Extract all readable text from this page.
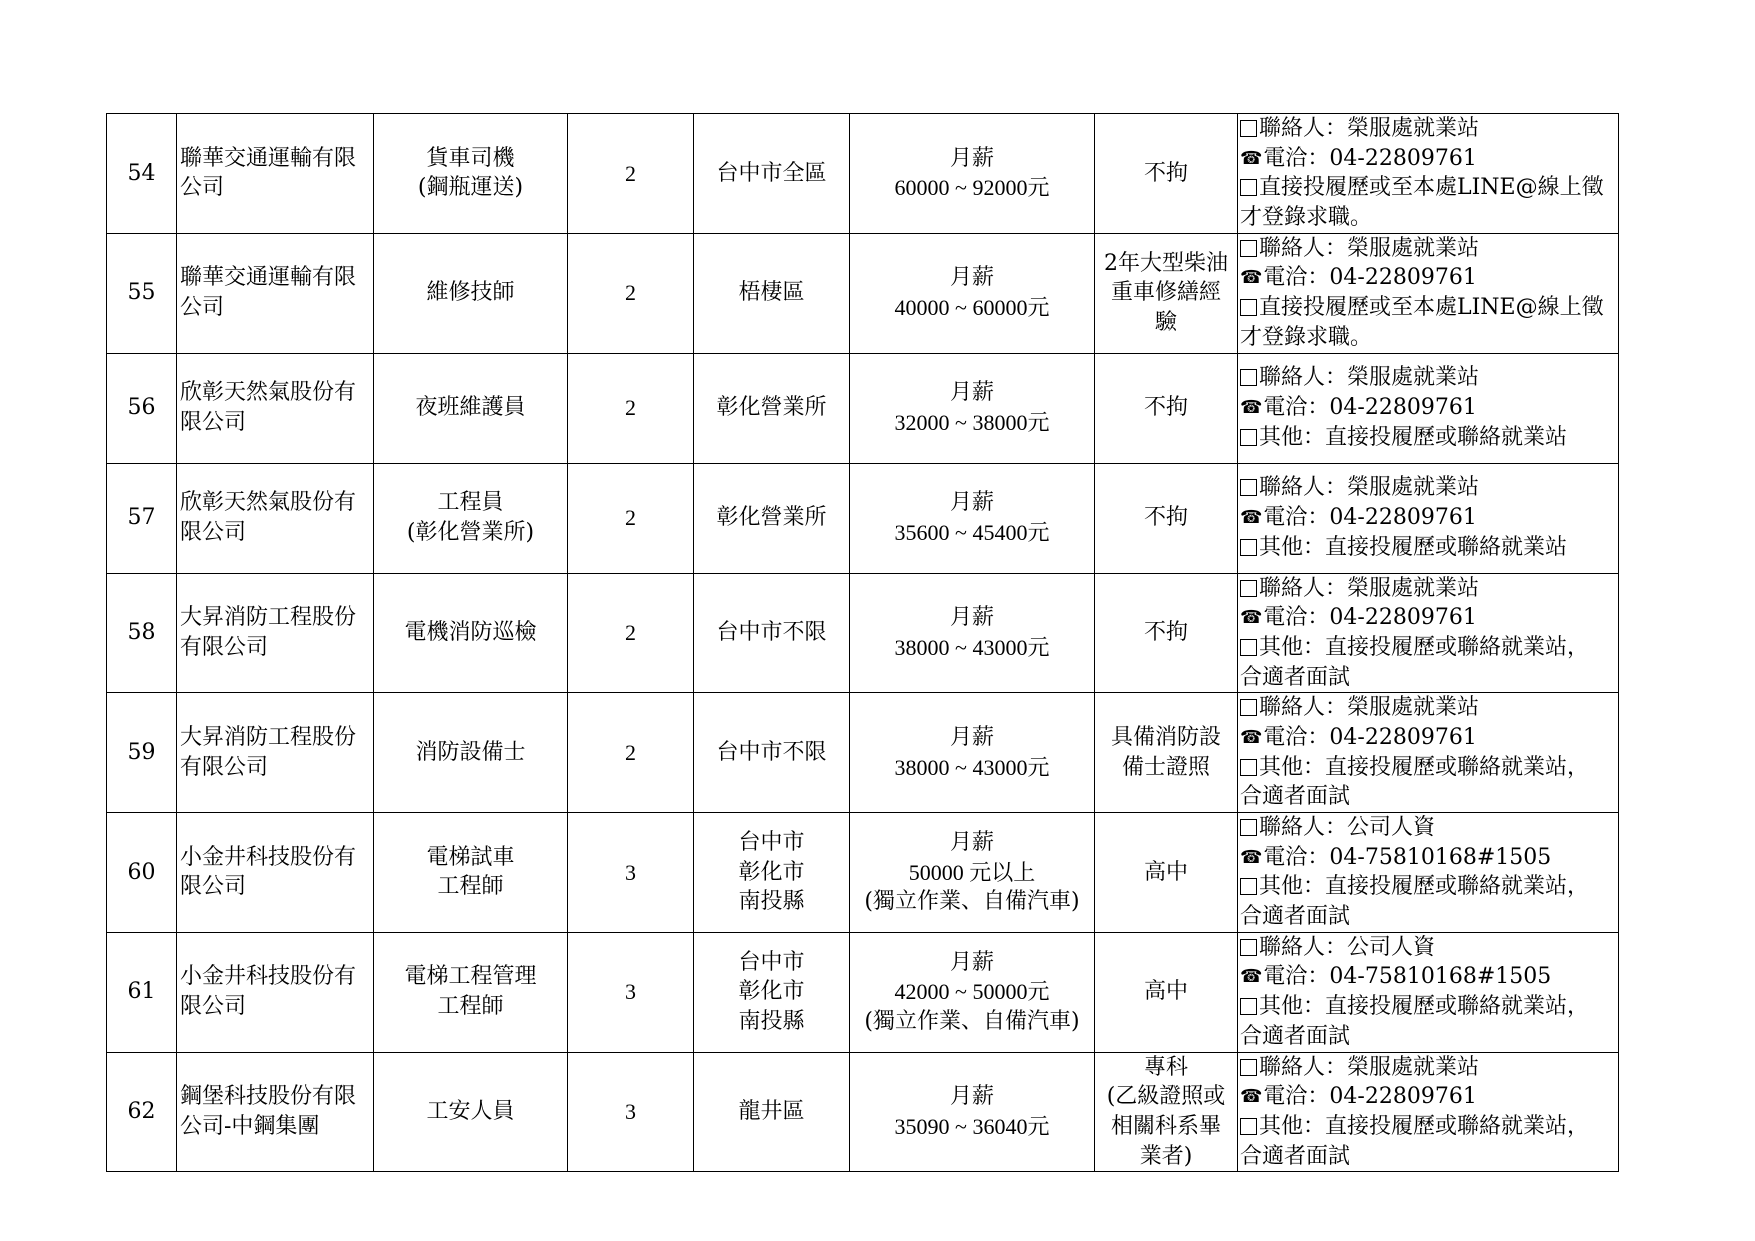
54	聯華交通運輸有限
公司	貨車司機
(鋼瓶運送)	2	台中市全區	月薪
60000 ~ 92000元	不拘	聯絡人：榮服處就業站
☎電洽：04-22809761
直接投履歷或至本處LINE@線上徵
才登錄求職。

55	聯華交通運輸有限
公司	維修技師	2	梧棲區	月薪
40000 ~ 60000元	2年大型柴油
重車修繕經
驗	聯絡人：榮服處就業站
☎電洽：04-22809761
直接投履歷或至本處LINE@線上徵
才登錄求職。

56	欣彰天然氣股份有
限公司	夜班維護員	2	彰化營業所	月薪
32000 ~ 38000元	不拘	聯絡人：榮服處就業站
☎電洽：04-22809761
其他：直接投履歷或聯絡就業站

57	欣彰天然氣股份有
限公司	工程員
(彰化營業所)	2	彰化營業所	月薪
35600 ~ 45400元	不拘	聯絡人：榮服處就業站
☎電洽：04-22809761
其他：直接投履歷或聯絡就業站

58	大昇消防工程股份
有限公司	電機消防巡檢	2	台中市不限	月薪
38000 ~ 43000元	不拘	聯絡人：榮服處就業站
☎電洽：04-22809761
其他：直接投履歷或聯絡就業站，
合適者面試

59	大昇消防工程股份
有限公司	消防設備士	2	台中市不限	月薪
38000 ~ 43000元	具備消防設
備士證照	聯絡人：榮服處就業站
☎電洽：04-22809761
其他：直接投履歷或聯絡就業站，
合適者面試

60	小金井科技股份有
限公司	電梯試車
工程師	3	台中市
彰化市
南投縣	月薪
50000 元以上
(獨立作業、自備汽車)	高中	聯絡人：公司人資
☎電洽：04-75810168#1505
其他：直接投履歷或聯絡就業站，
合適者面試

61	小金井科技股份有
限公司	電梯工程管理
工程師	3	台中市
彰化市
南投縣	月薪
42000 ~ 50000元
(獨立作業、自備汽車)	高中	聯絡人：公司人資
☎電洽：04-75810168#1505
其他：直接投履歷或聯絡就業站，
合適者面試

62	鋼堡科技股份有限
公司-中鋼集團	工安人員	3	龍井區	月薪
35090 ~ 36040元	專科
(乙級證照或
相關科系畢
業者)	聯絡人：榮服處就業站
☎電洽：04-22809761
其他：直接投履歷或聯絡就業站，
合適者面試
